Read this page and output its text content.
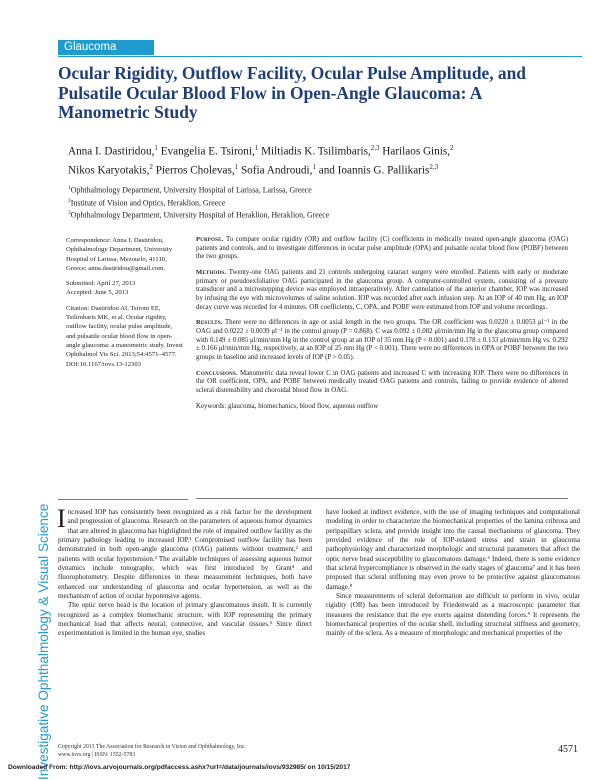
Glaucoma
Ocular Rigidity, Outflow Facility, Ocular Pulse Amplitude, and Pulsatile Ocular Blood Flow in Open-Angle Glaucoma: A Manometric Study
Anna I. Dastiridou,$^1$ Evangelia E. Tsironi,$^1$ Miltiadis K. Tsilimbaris,$^{2,3}$ Harilaos Ginis,$^2$
Nikos Karyotakis,$^2$ Pierros Cholevas,$^1$ Sofia Androudi,$^1$ and Ioannis G. Pallikaris$^{2,3}$
$^1$Ophthalmology Department, University Hospital of Larissa, Larissa, Greece
$^2$Institute of Vision and Optics, Heraklion, Greece
$^3$Ophthalmology Department, University Hospital of Heraklion, Heraklion, Greece

Correspondence: Anna I. Dastiridou, Ophthalmology Department, University Hospital of Larissa, Mezourlo, 41110, Greece; anna.dastiridou@gmail.com.

Submitted: April 27, 2013

Accepted: June 5, 2013

Citation: Dastiridou AI, Tsironi EE, Tsilimbaris MK, et al. Ocular rigidity, outflow facility, ocular pulse amplitude, and pulsatile ocular blood flow in open-angle glaucoma: a manometric study. Invest Ophthalmol Vis Sci. 2013;54:4571–4577. DOI:10.1167/iovs.13-12303

Purpose. To compare ocular rigidity (OR) and outflow facility (C) coefficients in medically treated open-angle glaucoma (OAG) patients and controls, and to investigate differences in ocular pulse amplitude (OPA) and pulsatile ocular blood flow (POBF) between the two groups.

Methods. Twenty-one OAG patients and 21 controls undergoing cataract surgery were enrolled. Patients with early or moderate primary or pseudoexfoliative OAG participated in the glaucoma group. A computer-controlled system, consisting of a pressure transducer and a microstepping device was employed intraoperatively. After cannulation of the anterior chamber, IOP was increased by infusing the eye with microvolumes of saline solution. IOP was recorded after each infusion step. At an IOP of 40 mm Hg, an IOP decay curve was recorded for 4 minutes. OR coefficients, C, OPA, and POBF were estimated from IOP and volume recordings.

Results. There were no differences in age or axial length in the two groups. The OR coefficient was 0.0220 ± 0.0053 μl⁻¹ in the OAG and 0.0222 ± 0.0039 μl⁻¹ in the control group (P = 0.868). C was 0.092 ± 0.082 μl/min/mm Hg in the glaucoma group compared with 0.149 ± 0.085 μl/min/mm Hg in the control group at an IOP of 35 mm Hg (P < 0.001) and 0.178 ± 0.133 μl/min/mm Hg vs. 0.292 ± 0.166 μl/min/mm Hg, respectively, at an IOP of 25 mm Hg (P < 0.001). There were no differences in OPA or POBF between the two groups in baseline and increased levels of IOP (P > 0.05).

Conclusions. Manometric data reveal lower C in OAG patients and increased C with increasing IOP. There were no differences in the OR coefficient, OPA, and POBF between medically treated OAG patients and controls, failing to provide evidence of altered scleral distensibility and choroidal blood flow in OAG.

Keywords: glaucoma, biomechanics, blood flow, aqueous outflow

Increased IOP has consistently been recognized as a risk factor for the development and progression of glaucoma. Research on the parameters of aqueous humor dynamics that are altered in glaucoma has highlighted the role of impaired outflow facility as the primary pathology leading to increased IOP.¹ Compromised outflow facility has been demonstrated in both open-angle glaucoma (OAG) patients without treatment,² and patients with ocular hypertension.³ The available techniques of assessing aqueous humor dynamics include tonography, which was first introduced by Grant⁴ and fluorophotometry. Despite differences in these measurement techniques, both have enhanced our understanding of glaucoma and ocular hypertension, as well as the mechanism of action of ocular hypotensive agents.

The optic nerve head is the location of primary glaucomatous insult. It is currently recognized as a complex biomechanic structure, with IOP representing the primary mechanical load that affects neural, connective, and vascular tissues.⁵ Since direct experimentation is limited in the human eye, studies

have looked at indirect evidence, with the use of imaging techniques and computational modeling in order to characterize the biomechanical properties of the lamina cribrosa and peripapillary sclera, and provide insight into the causal mechanisms of glaucoma. They provided evidence of the role of IOP-related stress and strain in glaucoma pathophysiology and characterized morphologic and structural parameters that affect the optic nerve head susceptibility to glaucomatous damage.⁶ Indeed, there is some evidence that scleral hypercompliance is observed in the early stages of glaucoma⁷ and it has been proposed that scleral stiffening may even prove to be protective against glaucomatous damage.⁸

Since measurements of scleral deformation are difficult to perform in vivo, ocular rigidity (OR) has been introduced by Friedenwald as a macroscopic parameter that measures the resistance that the eye exerts against distending forces.⁹ It represents the biomechanical properties of the ocular shell, including structural stiffness and geometry, mainly of the sclera. As a measure of morphologic and mechanical properties of the

Investigative Ophthalmology & Visual Science Copyright 2013 The Association for Research in Vision and Ophthalmology, Inc.
www.iovs.org | ISSN: 1552-5783	4571
Downloaded From: http://iovs.arvojournals.org/pdfaccess.ashx?url=/data/journals/iovs/932985/ on 10/15/2017
